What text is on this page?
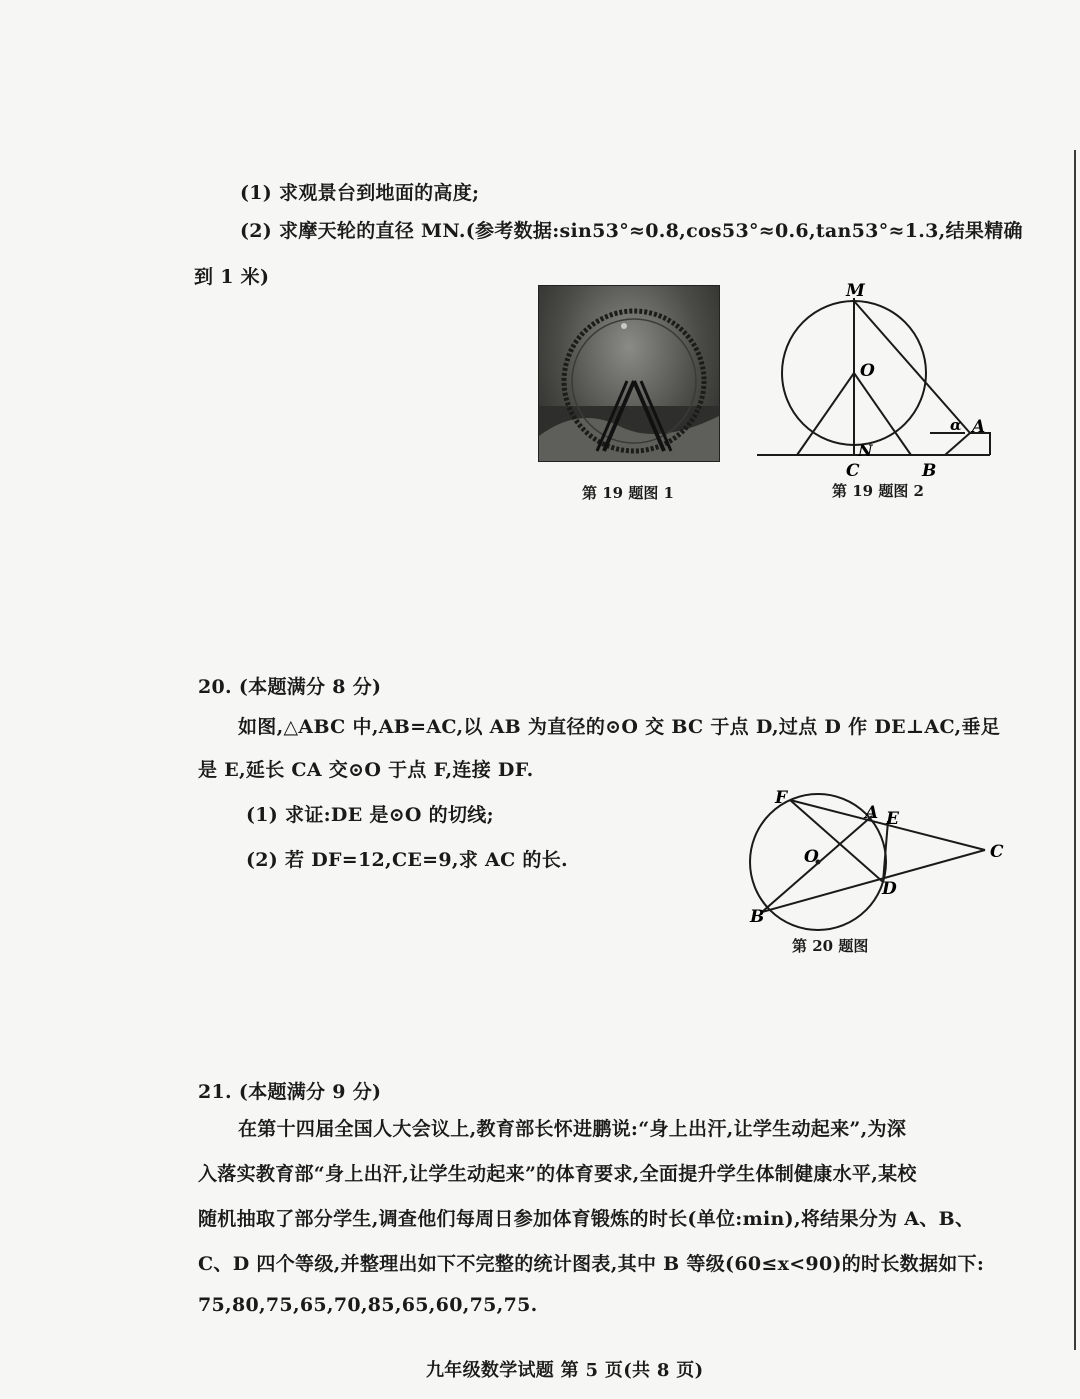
(1) 求观景台到地面的高度;
(2) 求摩天轮的直径 MN.(参考数据:sin53°≈0.8,cos53°≈0.6,tan53°≈1.3,结果精确
到 1 米)
第 19 题图 1
M
O
N
C	B
A
α
第 19 题图 2
20. (本题满分 8 分)
如图,△ABC 中,AB=AC,以 AB 为直径的⊙O 交 BC 于点 D,过点 D 作 DE⊥AC,垂足
是 E,延长 CA 交⊙O 于点 F,连接 DF.
(1) 求证:DE 是⊙O 的切线;
(2) 若 DF=12,CE=9,求 AC 的长.
F
A E
C
O
D
B
第 20 题图
21. (本题满分 9 分)
在第十四届全国人大会议上,教育部长怀进鹏说:“身上出汗,让学生动起来”,为深
入落实教育部“身上出汗,让学生动起来”的体育要求,全面提升学生体制健康水平,某校
随机抽取了部分学生,调查他们每周日参加体育锻炼的时长(单位:min),将结果分为 A、B、
C、D 四个等级,并整理出如下不完整的统计图表,其中 B 等级(60≤x<90)的时长数据如下:
75,80,75,65,70,85,65,60,75,75.
九年级数学试题 第 5 页(共 8 页)
